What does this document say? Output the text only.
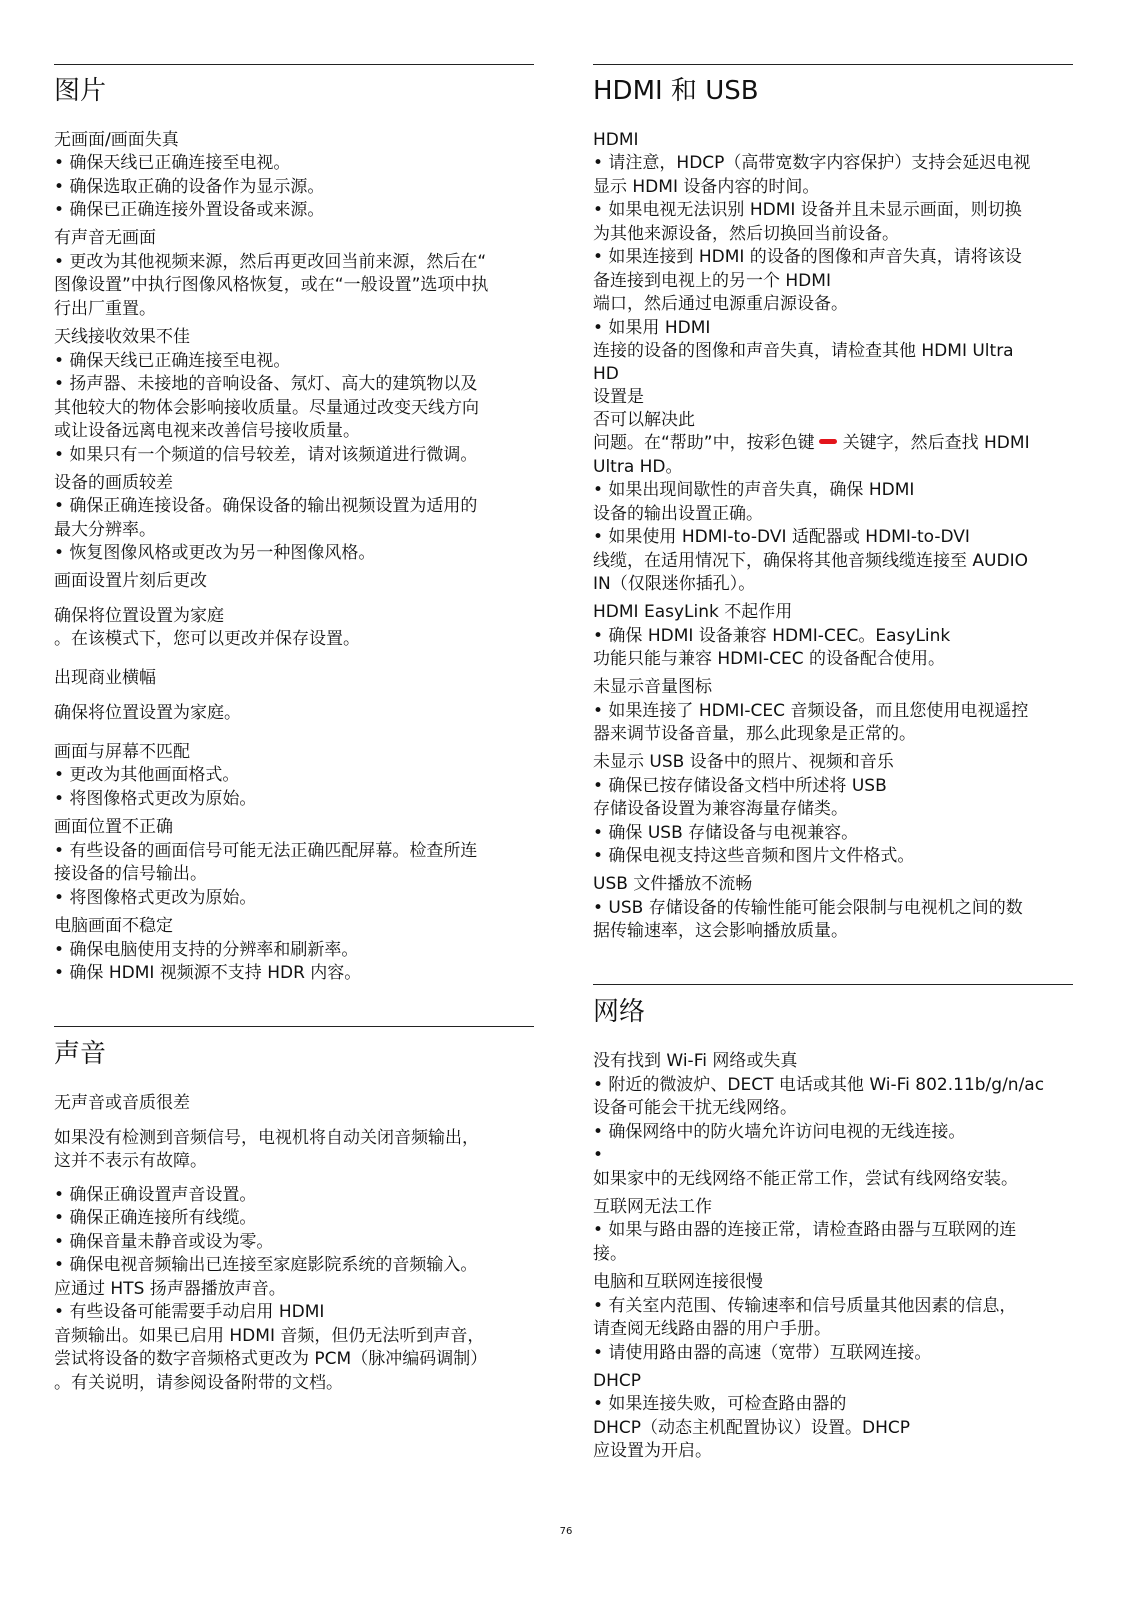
图片
无画面/画面失真
• 确保天线已正确连接至电视。
• 确保选取正确的设备作为显示源。
• 确保已正确连接外置设备或来源。
有声音无画面
• 更改为其他视频来源，然后再更改回当前来源，然后在“
图像设置”中执行图像风格恢复，或在“一般设置”选项中执
行出厂重置。
天线接收效果不佳
• 确保天线已正确连接至电视。
• 扬声器、未接地的音响设备、氖灯、高大的建筑物以及
其他较大的物体会影响接收质量。尽量通过改变天线方向
或让设备远离电视来改善信号接收质量。
• 如果只有一个频道的信号较差，请对该频道进行微调。
设备的画质较差
• 确保正确连接设备。确保设备的输出视频设置为适用的
最大分辨率。
• 恢复图像风格或更改为另一种图像风格。
画面设置片刻后更改
确保将位置设置为家庭
。在该模式下，您可以更改并保存设置。
出现商业横幅
确保将位置设置为家庭。
画面与屏幕不匹配
• 更改为其他画面格式。
• 将图像格式更改为原始。
画面位置不正确
• 有些设备的画面信号可能无法正确匹配屏幕。检查所连
接设备的信号输出。
• 将图像格式更改为原始。
电脑画面不稳定
• 确保电脑使用支持的分辨率和刷新率。
• 确保 HDMI 视频源不支持 HDR 内容。
声音
无声音或音质很差
如果没有检测到音频信号，电视机将自动关闭音频输出，
这并不表示有故障。
• 确保正确设置声音设置。
• 确保正确连接所有线缆。
• 确保音量未静音或设为零。
• 确保电视音频输出已连接至家庭影院系统的音频输入。
应通过 HTS 扬声器播放声音。
• 有些设备可能需要手动启用 HDMI
音频输出。如果已启用 HDMI 音频，但仍无法听到声音，
尝试将设备的数字音频格式更改为 PCM（脉冲编码调制）
。有关说明，请参阅设备附带的文档。
HDMI 和 USB
HDMI
• 请注意，HDCP（高带宽数字内容保护）支持会延迟电视
显示 HDMI 设备内容的时间。
• 如果电视无法识别 HDMI 设备并且未显示画面，则切换
为其他来源设备，然后切换回当前设备。
• 如果连接到 HDMI 的设备的图像和声音失真，请将该设
备连接到电视上的另一个 HDMI
端口，然后通过电源重启源设备。
• 如果用 HDMI
连接的设备的图像和声音失真，请检查其他 HDMI Ultra
HD
设置是
否可以解决此
问题。在“帮助”中，按彩色键 关键字，然后查找 HDMI
Ultra HD。
• 如果出现间歇性的声音失真，确保 HDMI
设备的输出设置正确。
• 如果使用 HDMI-to-DVI 适配器或 HDMI-to-DVI
线缆，在适用情况下，确保将其他音频线缆连接至 AUDIO
IN（仅限迷你插孔）。
HDMI EasyLink 不起作用
• 确保 HDMI 设备兼容 HDMI-CEC。EasyLink
功能只能与兼容 HDMI-CEC 的设备配合使用。
未显示音量图标
• 如果连接了 HDMI-CEC 音频设备，而且您使用电视遥控
器来调节设备音量，那么此现象是正常的。
未显示 USB 设备中的照片、视频和音乐
• 确保已按存储设备文档中所述将 USB
存储设备设置为兼容海量存储类。
• 确保 USB 存储设备与电视兼容。
• 确保电视支持这些音频和图片文件格式。
USB 文件播放不流畅
• USB 存储设备的传输性能可能会限制与电视机之间的数
据传输速率，这会影响播放质量。
网络
没有找到 Wi-Fi 网络或失真
• 附近的微波炉、DECT 电话或其他 Wi-Fi 802.11b/g/n/ac
设备可能会干扰无线网络。
• 确保网络中的防火墙允许访问电视的无线连接。
•
如果家中的无线网络不能正常工作，尝试有线网络安装。
互联网无法工作
• 如果与路由器的连接正常，请检查路由器与互联网的连
接。
电脑和互联网连接很慢
• 有关室内范围、传输速率和信号质量其他因素的信息，
请查阅无线路由器的用户手册。
• 请使用路由器的高速（宽带）互联网连接。
DHCP
• 如果连接失败，可检查路由器的
DHCP（动态主机配置协议）设置。DHCP
应设置为开启。
76
